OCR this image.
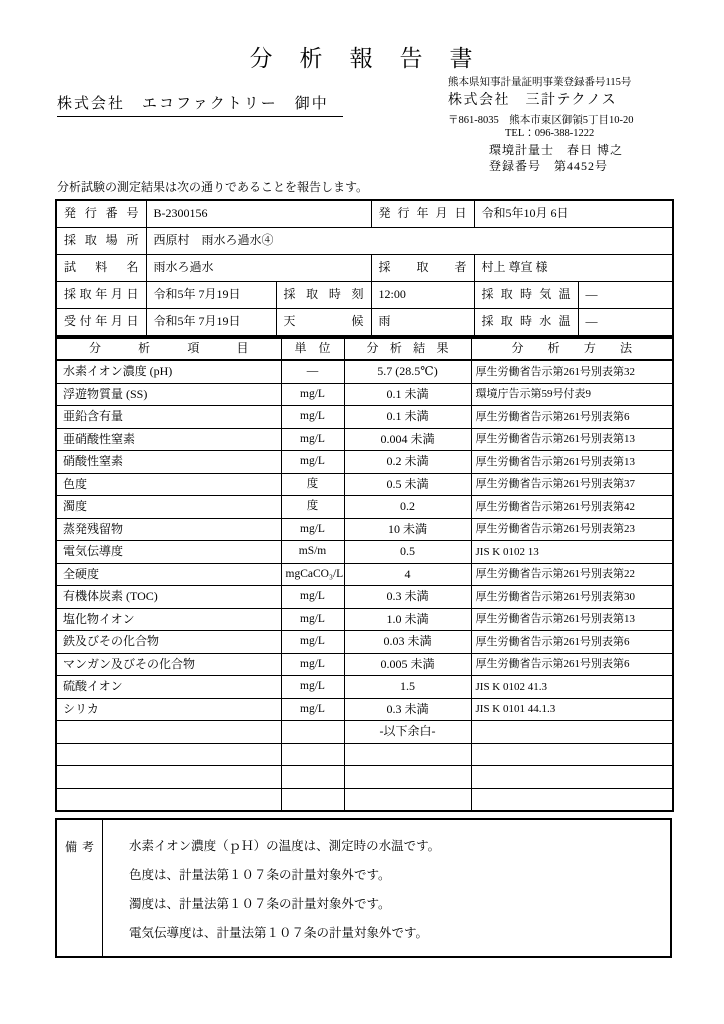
分　析　報　告　書
株式会社　エコファクトリー　御中
熊本県知事計量証明事業登録番号115号
株式会社　三計テクノス
〒861-8035　熊本市東区御領5丁目10-20
TEL：096-388-1222
環境計量士　春日 博之
登録番号　第4452号
分析試験の測定結果は次の通りであることを報告します。
発行番号	B-2300156		発行年月日	令和5年10月 6日	
採取場所	西原村　雨水ろ過水④				
試料名	雨水ろ過水		採取者	村上 尊宣 様	
採取年月日	令和5年 7月19日	採取時刻	12:00	採取時気温	―
受付年月日	令和5年 7月19日	天候	雨	採取時水温	―
分析項目	単位	分析結果	分析方法
水素イオン濃度 (pH)	―	5.7 (28.5℃)	厚生労働省告示第261号別表第32
浮遊物質量 (SS)	mg/L	0.1 未満	環境庁告示第59号付表9
亜鉛含有量	mg/L	0.1 未満	厚生労働省告示第261号別表第6
亜硝酸性窒素	mg/L	0.004 未満	厚生労働省告示第261号別表第13
硝酸性窒素	mg/L	0.2 未満	厚生労働省告示第261号別表第13
色度	度	0.5 未満	厚生労働省告示第261号別表第37
濁度	度	0.2	厚生労働省告示第261号別表第42
蒸発残留物	mg/L	10 未満	厚生労働省告示第261号別表第23
電気伝導度	mS/m	0.5	JIS K 0102 13
全硬度	mgCaCO₃/L	4	厚生労働省告示第261号別表第22
有機体炭素 (TOC)	mg/L	0.3 未満	厚生労働省告示第261号別表第30
塩化物イオン	mg/L	1.0 未満	厚生労働省告示第261号別表第13
鉄及びその化合物	mg/L	0.03 未満	厚生労働省告示第261号別表第6
マンガン及びその化合物	mg/L	0.005 未満	厚生労働省告示第261号別表第6
硫酸イオン	mg/L	1.5	JIS K 0102 41.3
シリカ	mg/L	0.3 未満	JIS K 0101 44.1.3
		-以下余白-	

備考	水素イオン濃度（ｐＨ）の温度は、測定時の水温です。
色度は、計量法第１０７条の計量対象外です。
濁度は、計量法第１０７条の計量対象外です。
電気伝導度は、計量法第１０７条の計量対象外です。
